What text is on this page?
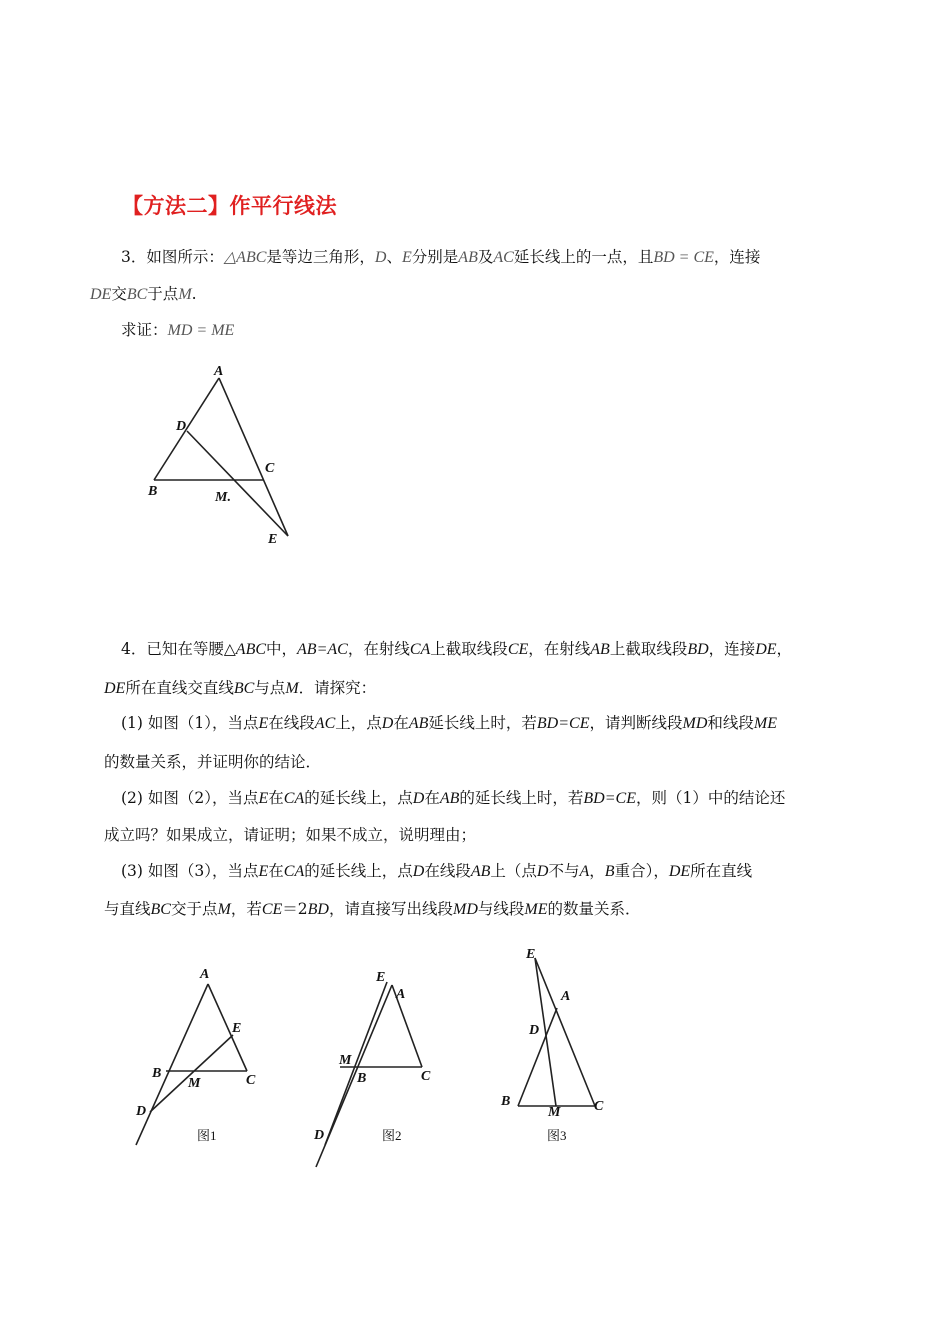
【方法二】作平行线法
3．如图所示：△ABC是等边三角形，D、E分别是AB及AC延长线上的一点，且BD = CE，连接
DE交BC于点M.
求证：MD = ME
A
D
B
C
M.
E
4．已知在等腰△ABC中，AB=AC，在射线CA上截取线段CE，在射线AB上截取线段BD，连接DE，
DE所在直线交直线BC与点M．请探究：
(1) 如图（1），当点E在线段AC上，点D在AB延长线上时，若BD=CE，请判断线段MD和线段ME
的数量关系，并证明你的结论．
(2) 如图（2），当点E在CA的延长线上，点D在AB的延长线上时，若BD=CE，则（1）中的结论还
成立吗？如果成立，请证明；如果不成立，说明理由；
(3) 如图（3），当点E在CA的延长线上，点D在线段AB上（点D不与A，B重合），DE所在直线
与直线BC交于点M，若CE＝2BD，请直接写出线段MD与线段ME的数量关系．
A
E
B	C
M
D
图1
E
A
M
B	C
D	图2
E
A
D
B
M C
图3
